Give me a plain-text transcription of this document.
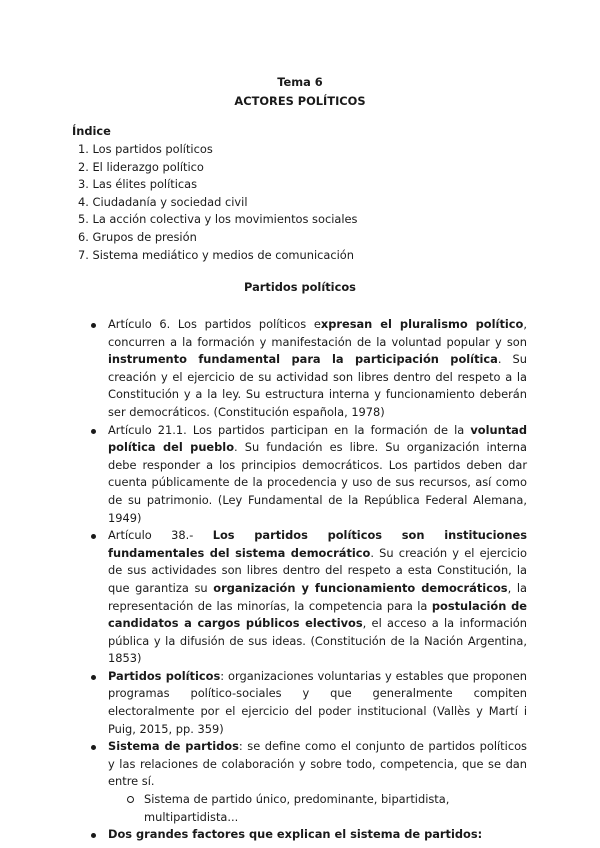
Tema 6
ACTORES POLÍTICOS
Índice
1. Los partidos políticos
2. El liderazgo político
3. Las élites políticas
4. Ciudadanía y sociedad civil
5. La acción colectiva y los movimientos sociales
6. Grupos de presión
7. Sistema mediático y medios de comunicación
Partidos políticos
Artículo 6. Los partidos políticos expresan el pluralismo político, concurren a la formación y manifestación de la voluntad popular y son instrumento fundamental para la participación política. Su creación y el ejercicio de su actividad son libres dentro del respeto a la Constitución y a la ley. Su estructura interna y funcionamiento deberán ser democráticos. (Constitución española, 1978)
Artículo 21.1. Los partidos participan en la formación de la voluntad política del pueblo. Su fundación es libre. Su organización interna debe responder a los principios democráticos. Los partidos deben dar cuenta públicamente de la procedencia y uso de sus recursos, así como de su patrimonio. (Ley Fundamental de la República Federal Alemana, 1949)
Artículo 38.- Los partidos políticos son instituciones fundamentales del sistema democrático. Su creación y el ejercicio de sus actividades son libres dentro del respeto a esta Constitución, la que garantiza su organización y funcionamiento democráticos, la representación de las minorías, la competencia para la postulación de candidatos a cargos públicos electivos, el acceso a la información pública y la difusión de sus ideas. (Constitución de la Nación Argentina, 1853)
Partidos políticos: organizaciones voluntarias y estables que proponen programas político-sociales y que generalmente compiten electoralmente por el ejercicio del poder institucional (Vallès y Martí i Puig, 2015, pp. 359)
Sistema de partidos: se define como el conjunto de partidos políticos y las relaciones de colaboración y sobre todo, competencia, que se dan entre sí.
Sistema de partido único, predominante, bipartidista, multipartidista...
Dos grandes factores que explican el sistema de partidos:
